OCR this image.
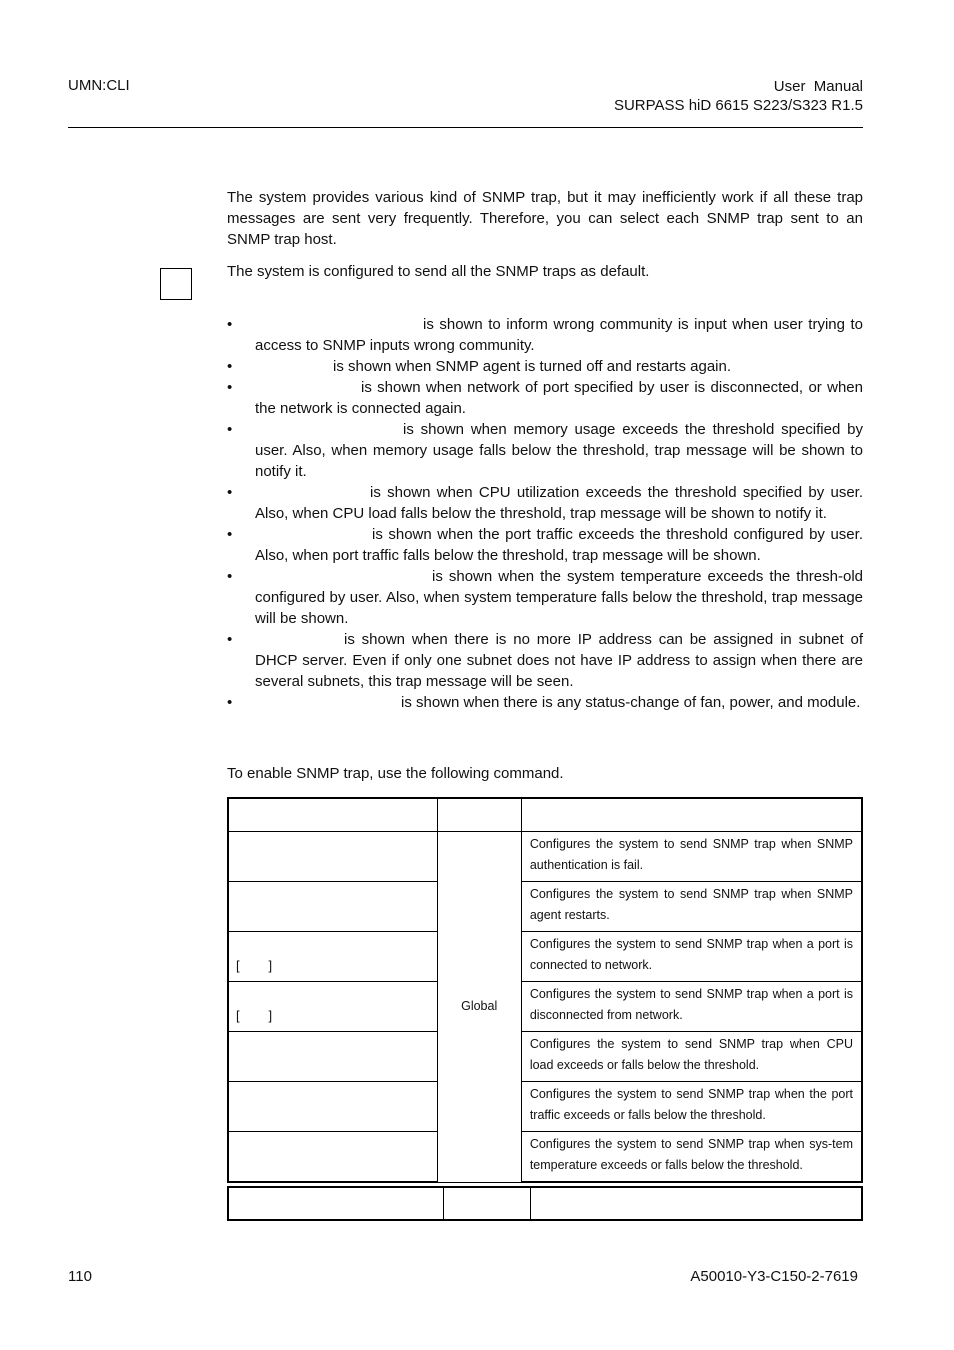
UMN:CLI	User  Manual
SURPASS hiD 6615 S223/S323 R1.5
The system provides various kind of SNMP trap, but it may inefficiently work if all these trap messages are sent very frequently. Therefore, you can select each SNMP trap sent to an SNMP trap host.
The system is configured to send all the SNMP traps as default.
•	is shown to inform wrong community is input when user trying to access to SNMP inputs wrong community.
•	is shown when SNMP agent is turned off and restarts again.
•	is shown when network of port specified by user is disconnected, or when the network is connected again.
•	is shown when memory usage exceeds the threshold specified by user. Also, when memory usage falls below the threshold, trap message will be shown to notify it.
•	is shown when CPU utilization exceeds the threshold specified by user. Also, when CPU load falls below the threshold, trap message will be shown to notify it.
•	is shown when the port traffic exceeds the threshold configured by user. Also, when port traffic falls below the threshold, trap message will be shown.
•	is shown when the system temperature exceeds the thresh-old configured by user. Also, when system temperature falls below the threshold, trap message will be shown.
•	is shown when there is no more IP address can be assigned in subnet of DHCP server. Even if only one subnet does not have IP address to assign when there are several subnets, this trap message will be seen.
•	is shown when there is any status-change of fan, power, and module.
To enable SNMP trap, use the following command.

	Global	Configures the system to send SNMP trap when SNMP authentication is fail.
		Configures the system to send SNMP trap when SNMP agent restarts.

[        ]		Configures the system to send SNMP trap when a port is connected to network.

[        ]		Configures the system to send SNMP trap when a port is disconnected from network.
		Configures the system to send SNMP trap when CPU load exceeds or falls below the threshold.
		Configures the system to send SNMP trap when the port traffic exceeds or falls below the threshold.
		Configures the system to send SNMP trap when sys-tem temperature exceeds or falls below the threshold.

110	A50010-Y3-C150-2-7619
